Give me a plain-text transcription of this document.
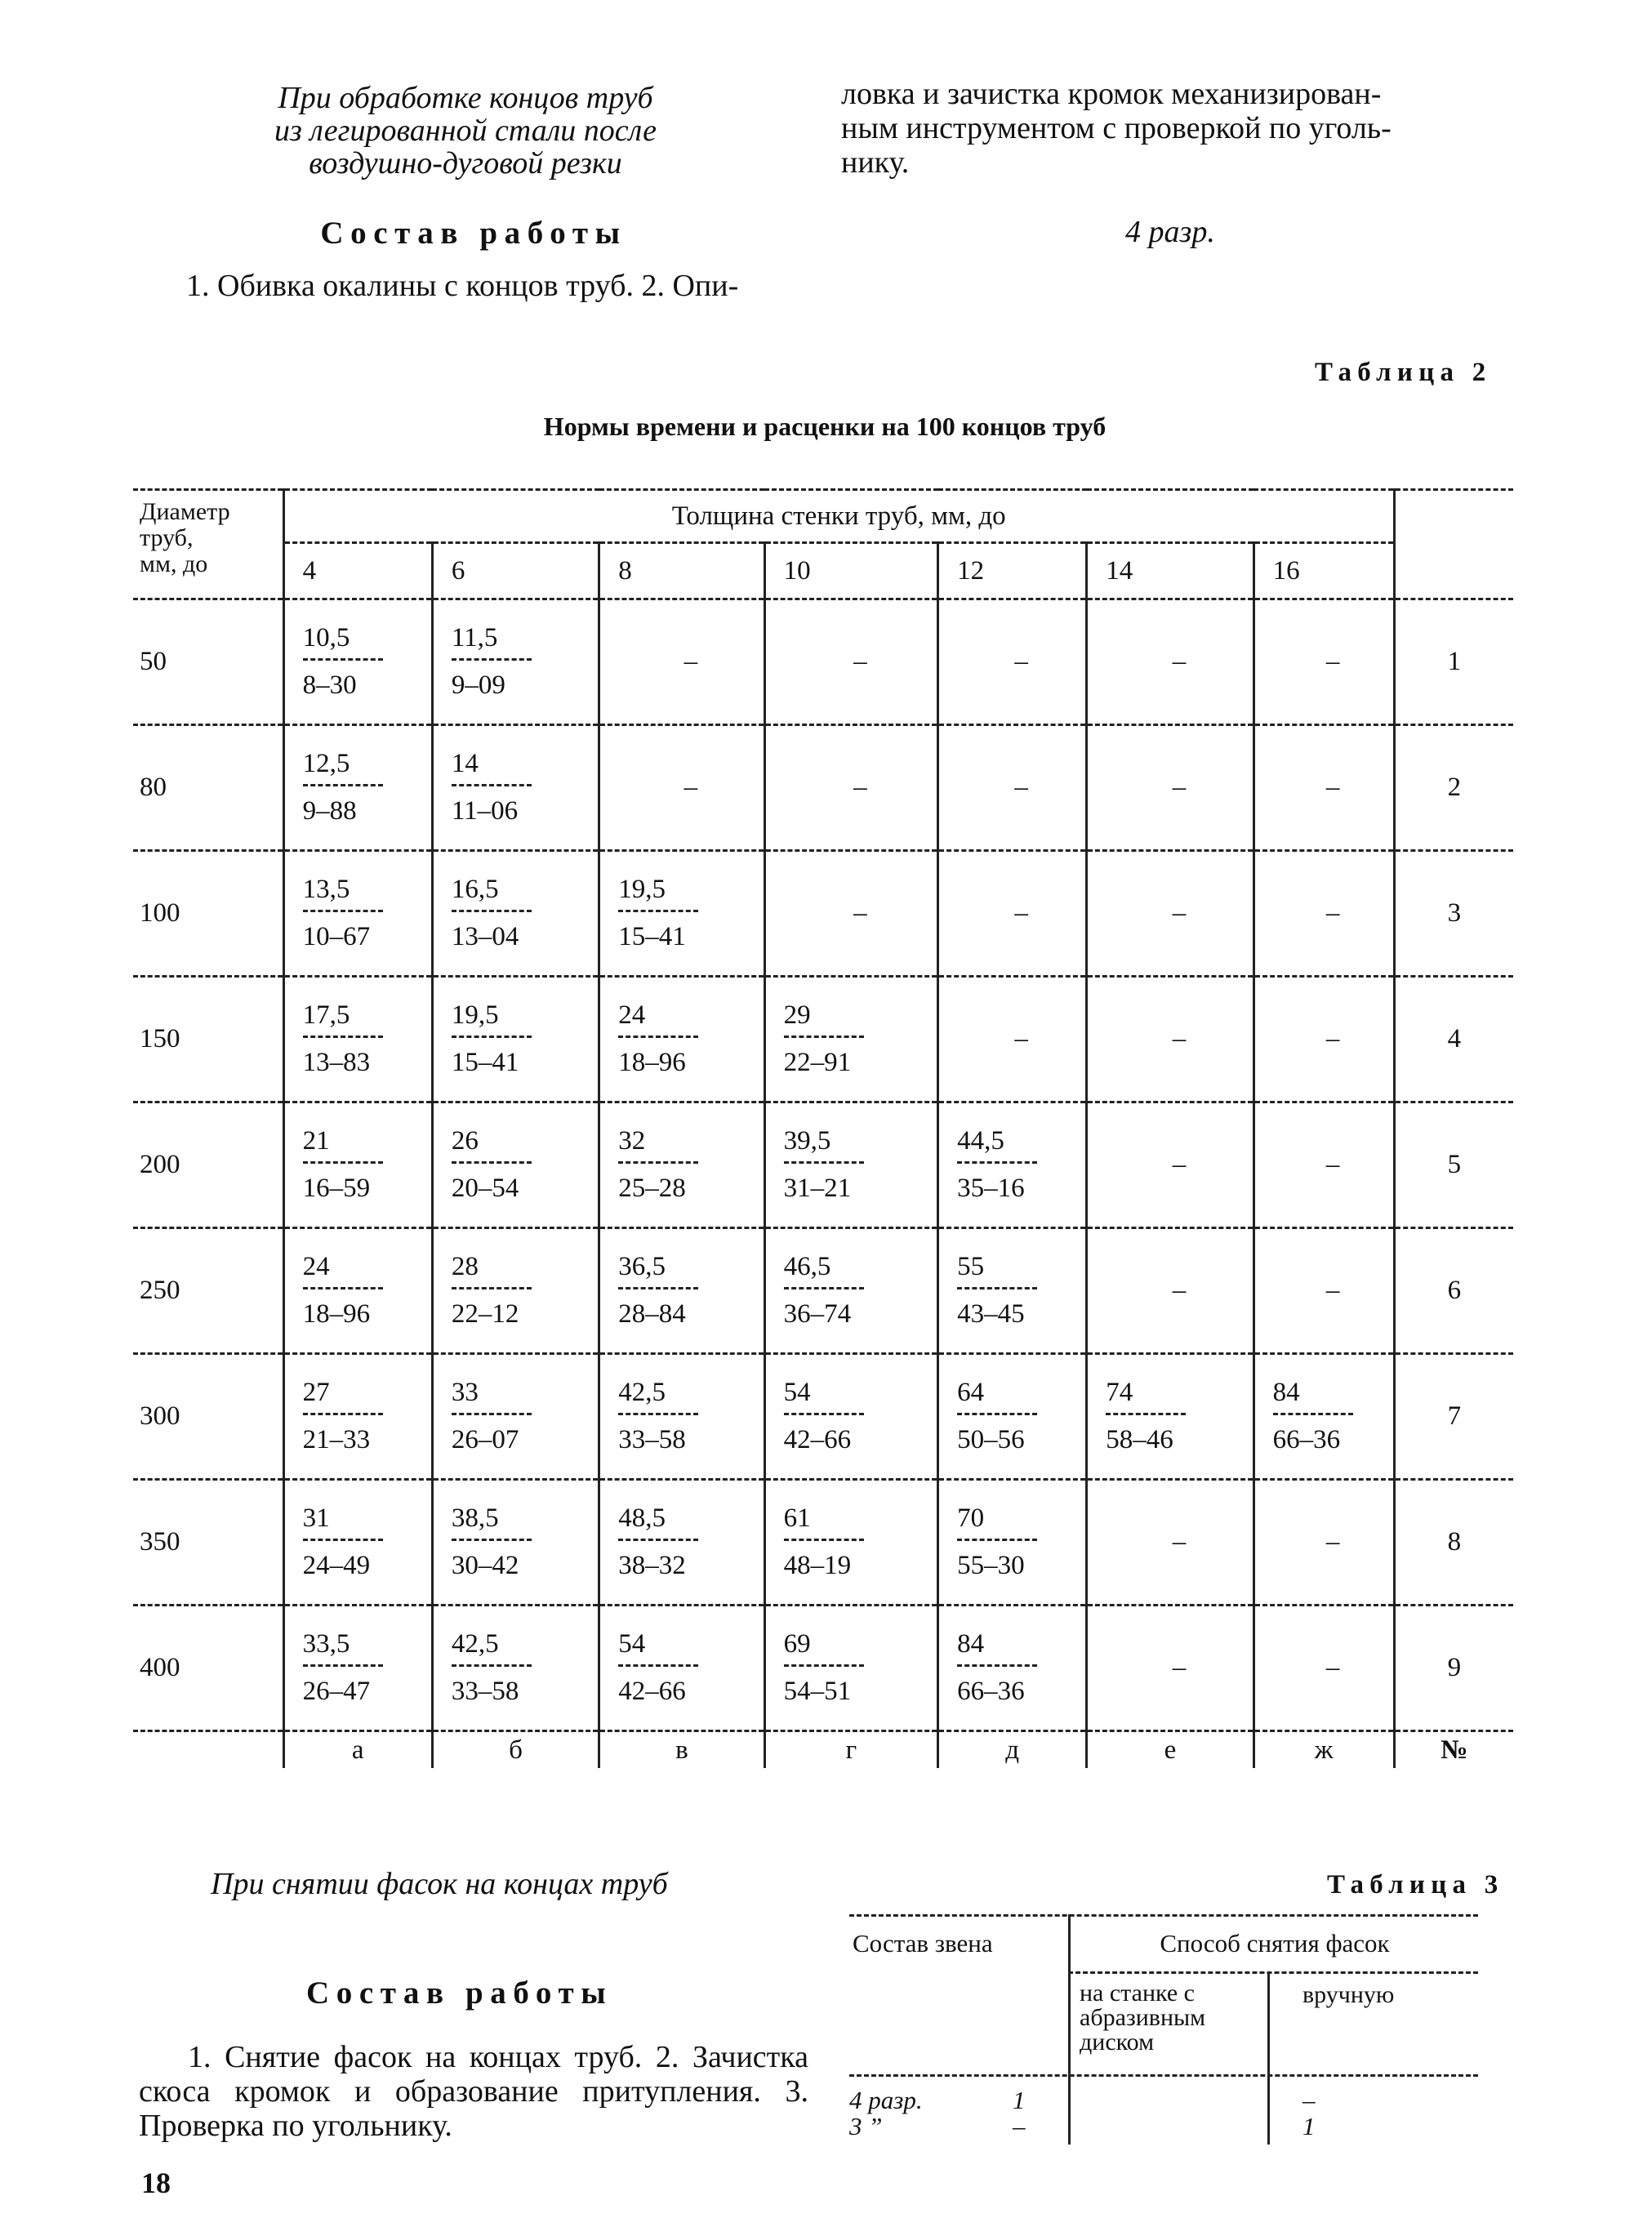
При обработке концов труб
из легированной стали после
воздушно-дуговой резки
Состав работы
1. Обивка окалины с концов труб. 2. Опи-
ловка и зачистка кромок механизирован-
ным инструментом с проверкой по уголь-
нику.
4 разр.
Таблица 2
Нормы времени и расценки на 100 концов труб
Диаметр
труб,
мм, до	Толщина стенки труб, мм, до							
	4	6	8	10	12	14	16	
50	$\frac{10,5}{8-30}$	$\frac{11,5}{9-09}$	–	–	–	–	–	1
80	$\frac{12,5}{9-88}$	$\frac{14}{11-06}$	–	–	–	–	–	2
100	$\frac{13,5}{10-67}$	$\frac{16,5}{13-04}$	$\frac{19,5}{15-41}$	–	–	–	–	3
150	$\frac{17,5}{13-83}$	$\frac{19,5}{15-41}$	$\frac{24}{18-96}$	$\frac{29}{22-91}$	–	–	–	4
200	$\frac{21}{16-59}$	$\frac{26}{20-54}$	$\frac{32}{25-28}$	$\frac{39,5}{31-21}$	$\frac{44,5}{35-16}$	–	–	5
250	$\frac{24}{18-96}$	$\frac{28}{22-12}$	$\frac{36,5}{28-84}$	$\frac{46,5}{36-74}$	$\frac{55}{43-45}$	–	–	6
300	$\frac{27}{21-33}$	$\frac{33}{26-07}$	$\frac{42,5}{33-58}$	$\frac{54}{42-66}$	$\frac{64}{50-56}$	$\frac{74}{58-46}$	$\frac{84}{66-36}$	7
350	$\frac{31}{24-49}$	$\frac{38,5}{30-42}$	$\frac{48,5}{38-32}$	$\frac{61}{48-19}$	$\frac{70}{55-30}$	–	–	8
400	$\frac{33,5}{26-47}$	$\frac{42,5}{33-58}$	$\frac{54}{42-66}$	$\frac{69}{54-51}$	$\frac{84}{66-36}$	–	–	9
	а	б	в	г	д	е	ж	№
При снятии фасок на концах труб
Состав работы
1. Снятие фасок на концах труб. 2. Зачистка скоса кромок и образование притупления. 3. Проверка по угольнику.
Таблица 3
Состав звена	Способ снятия фасок
на станке с абразивным диском
вручную
4 разр.	1	–
3 ”	–	1
18
